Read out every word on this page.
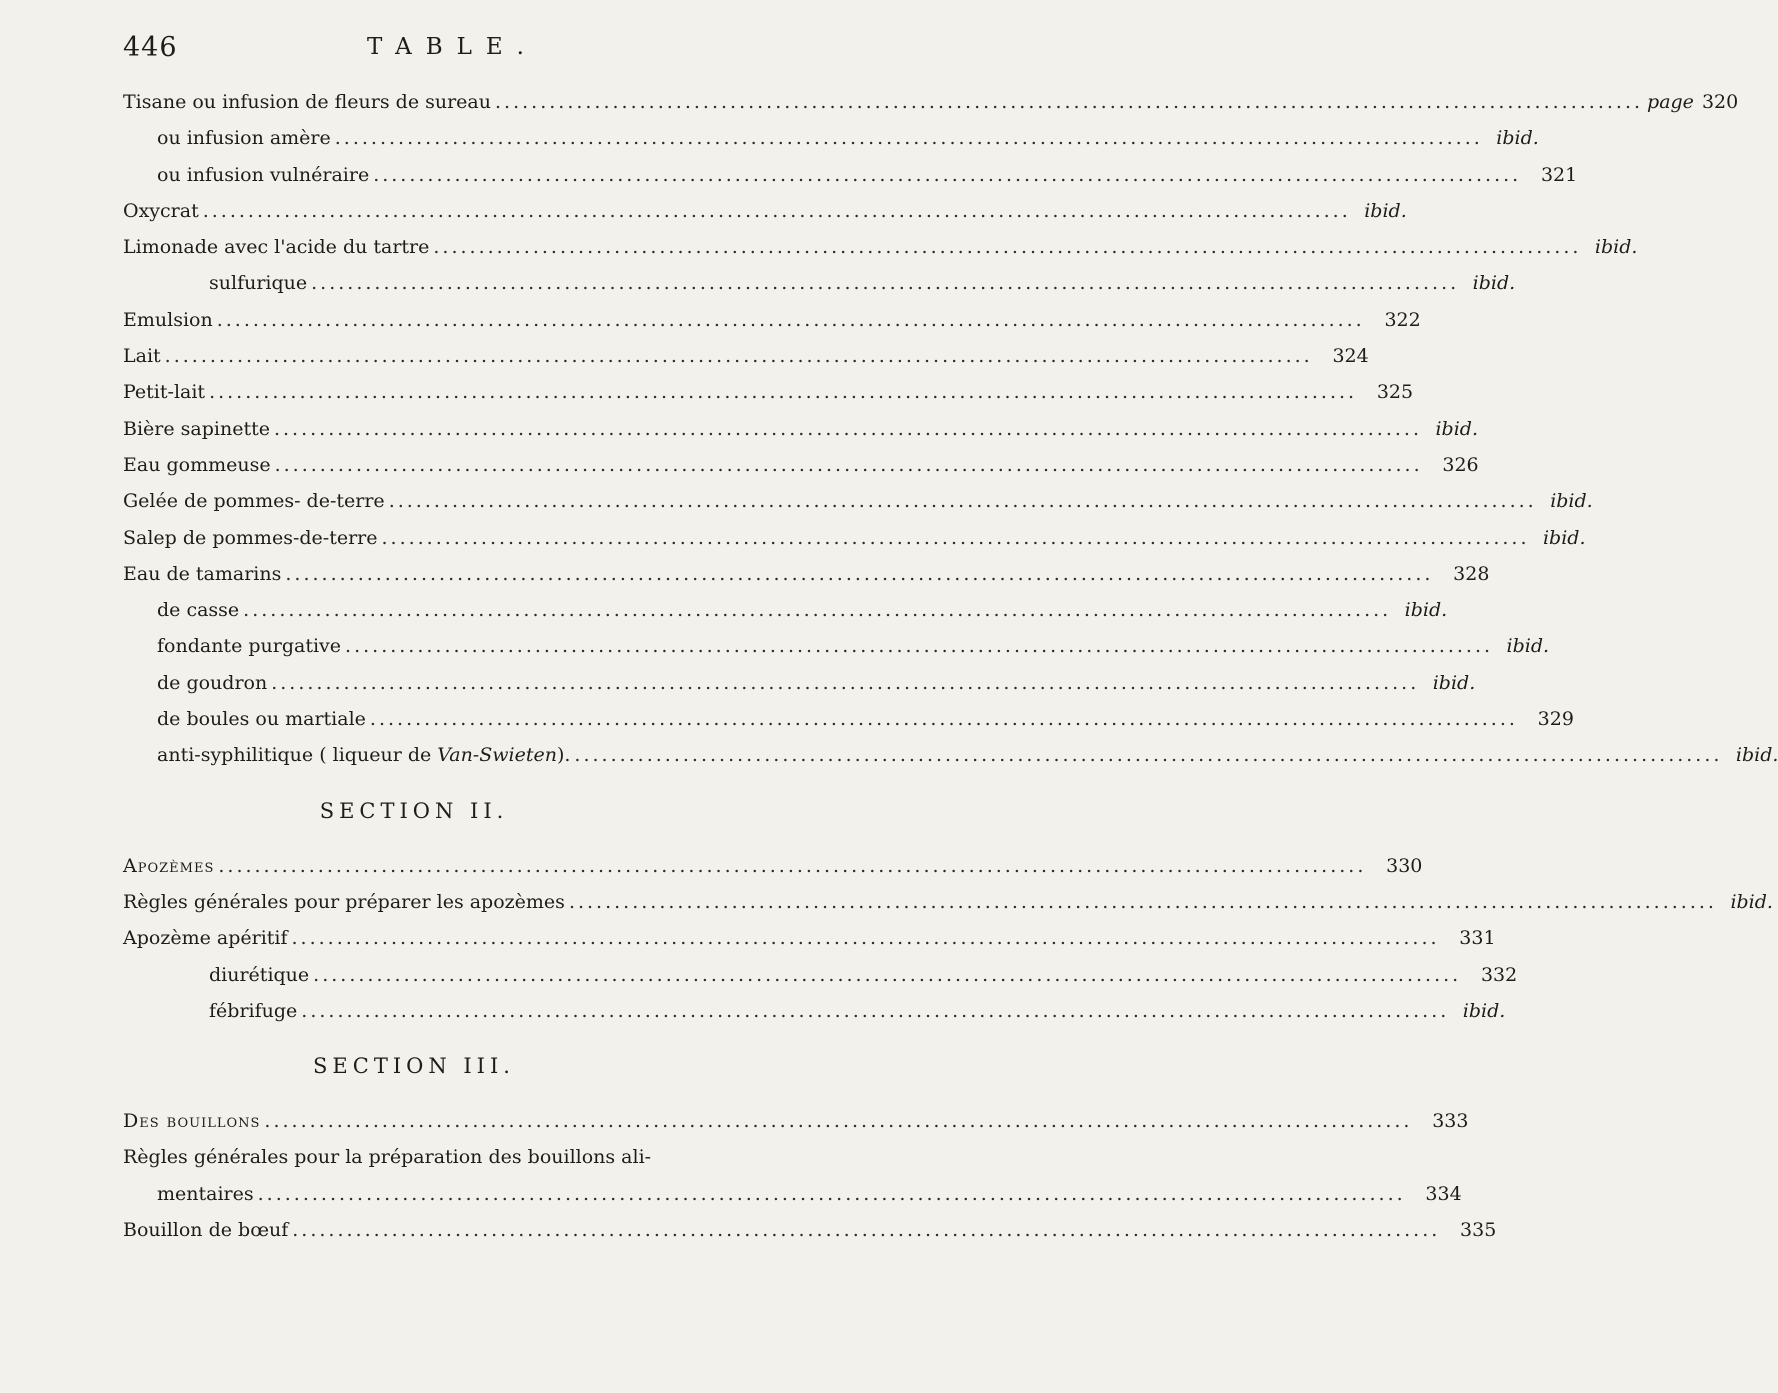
446	TABLE.
Tisane ou infusion de fleurs de sureau ............................................................................................................................... page 320
ou infusion amère ............................................................................................................................... ibid.
ou infusion vulnéraire ...............................................................................................................................	321
Oxycrat ............................................................................................................................... ibid.
Limonade avec l'acide du tartre ............................................................................................................................... ibid.
sulfurique ............................................................................................................................... ibid.
Emulsion ...............................................................................................................................	322
Lait ...............................................................................................................................	324
Petit-lait ...............................................................................................................................	325
Bière sapinette ............................................................................................................................... ibid.
Eau gommeuse ...............................................................................................................................	326
Gelée de pommes- de-terre ............................................................................................................................... ibid.
Salep de pommes-de-terre ............................................................................................................................... ibid.
Eau de tamarins ...............................................................................................................................	328
de casse ............................................................................................................................... ibid.
fondante purgative ............................................................................................................................... ibid.
de goudron ............................................................................................................................... ibid.
de boules ou martiale ...............................................................................................................................	329
anti-syphilitique ( liqueur de Van-Swieten). ............................................................................................................................... ibid.
SECTION II.
Apozèmes ...............................................................................................................................	330
Règles générales pour préparer les apozèmes ............................................................................................................................... ibid.
Apozème apéritif ...............................................................................................................................	331
diurétique ...............................................................................................................................	332
fébrifuge ............................................................................................................................... ibid.
SECTION III.
Des bouillons ...............................................................................................................................	333
Règles générales pour la préparation des bouillons ali-
mentaires ...............................................................................................................................	334
Bouillon de bœuf ...............................................................................................................................	335
